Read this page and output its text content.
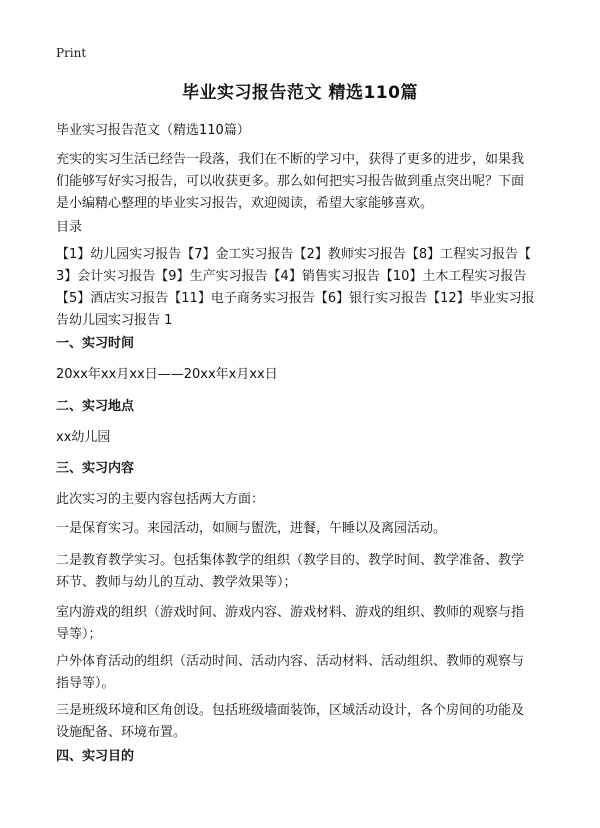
Print
毕业实习报告范文 精选110篇

毕业实习报告范文（精选110篇）

充实的实习生活已经告一段落，我们在不断的学习中，获得了更多的进步，如果我
们能够写好实习报告，可以收获更多。那么如何把实习报告做到重点突出呢？下面
是小编精心整理的毕业实习报告，欢迎阅读，希望大家能够喜欢。

目录

【1】幼儿园实习报告【7】金工实习报告【2】教师实习报告【8】工程实习报告【
3】会计实习报告【9】生产实习报告【4】销售实习报告【10】土木工程实习报告
【5】酒店实习报告【11】电子商务实习报告【6】银行实习报告【12】毕业实习报
告幼儿园实习报告 1

一、实习时间

20xx年xx月xx日——20xx年x月xx日

二、实习地点

xx幼儿园

三、实习内容

此次实习的主要内容包括两大方面：

一是保育实习。来园活动，如厕与盥洗，进餐，午睡以及离园活动。

二是教育教学实习。包括集体教学的组织（教学目的、教学时间、教学准备、教学
环节、教师与幼儿的互动、教学效果等）；
室内游戏的组织（游戏时间、游戏内容、游戏材料、游戏的组织、教师的观察与指
导等）；
户外体育活动的组织（活动时间、活动内容、活动材料、活动组织、教师的观察与
指导等）。
三是班级环境和区角创设。包括班级墙面装饰，区域活动设计，各个房间的功能及
设施配备、环境布置。

四、实习目的
